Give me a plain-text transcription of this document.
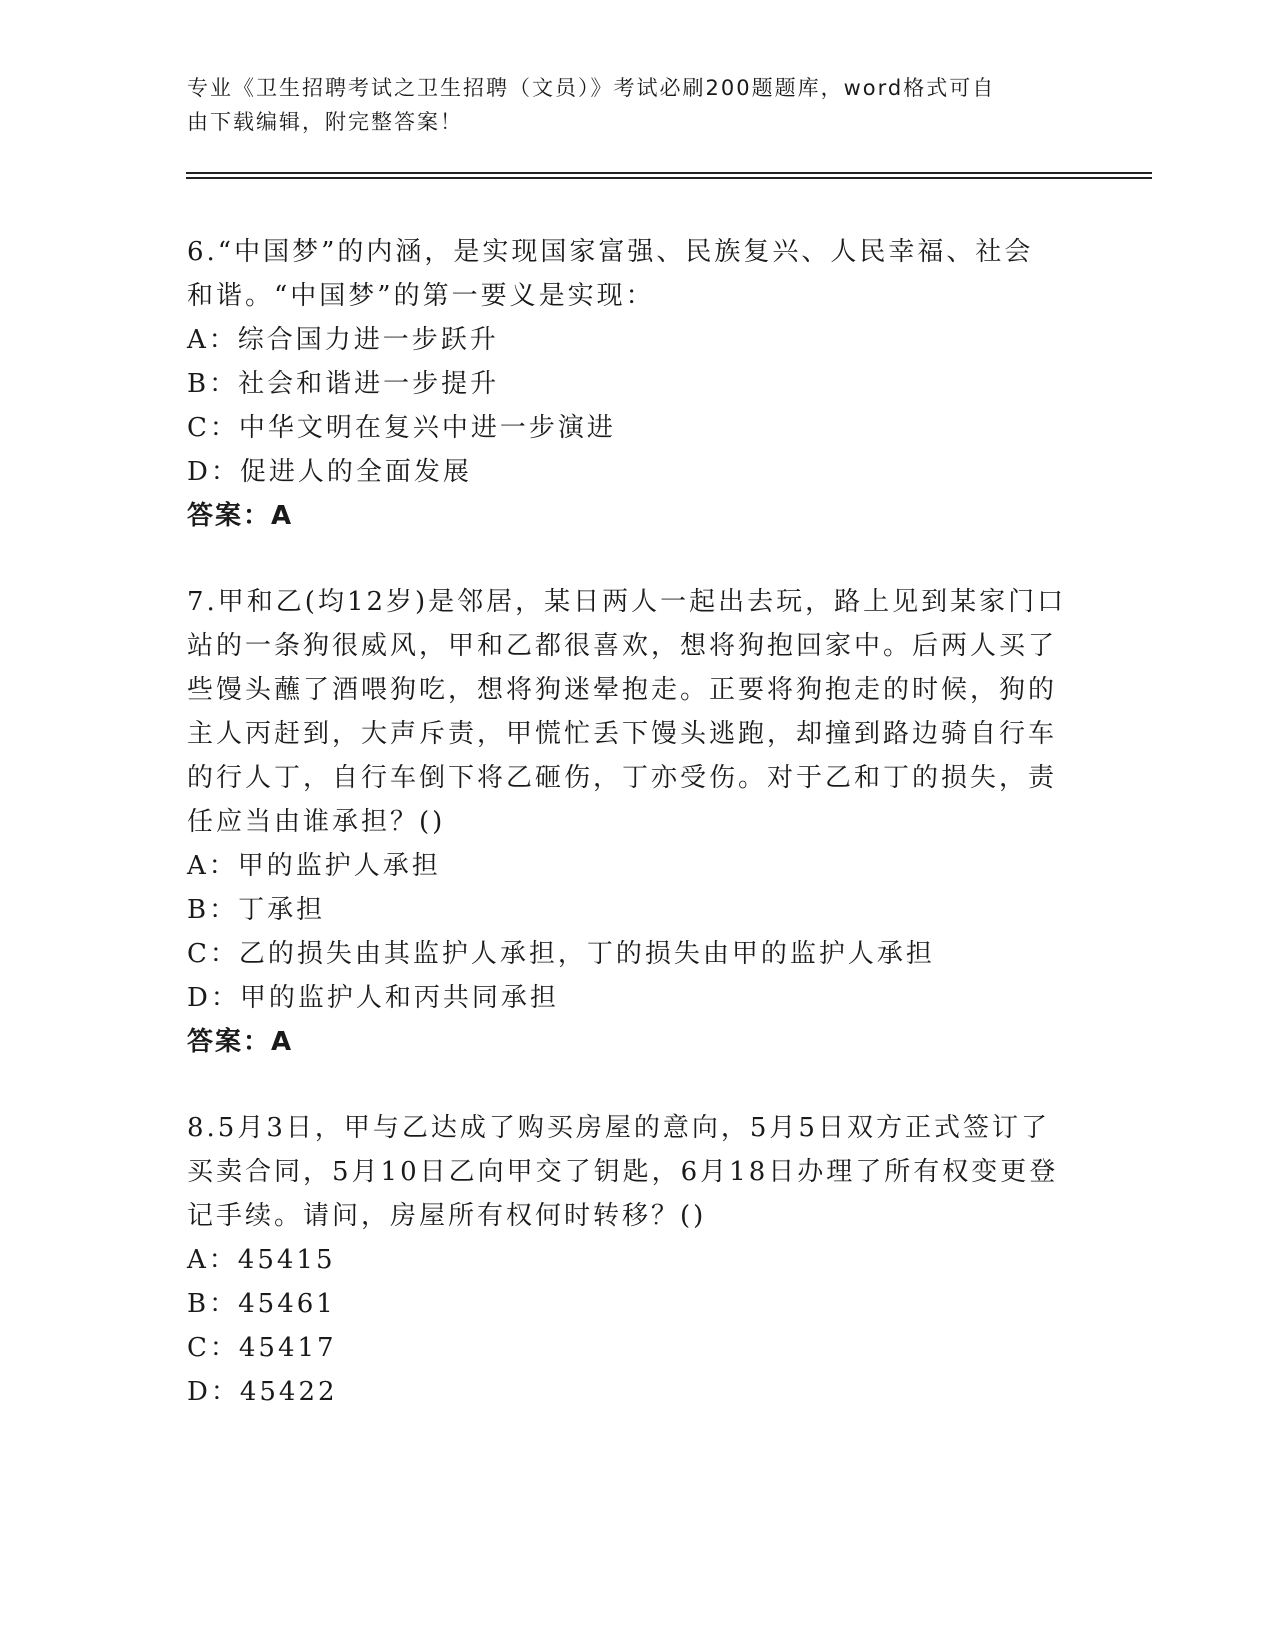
专业《卫生招聘考试之卫生招聘（文员）》考试必刷200题题库，word格式可自
由下载编辑，附完整答案！
6.“中国梦”的内涵，是实现国家富强、民族复兴、人民幸福、社会
和谐。“中国梦”的第一要义是实现：
A：综合国力进一步跃升
B：社会和谐进一步提升
C：中华文明在复兴中进一步演进
D：促进人的全面发展
答案：A
7.甲和乙(均12岁)是邻居，某日两人一起出去玩，路上见到某家门口
站的一条狗很威风，甲和乙都很喜欢，想将狗抱回家中。后两人买了
些馒头蘸了酒喂狗吃，想将狗迷晕抱走。正要将狗抱走的时候，狗的
主人丙赶到，大声斥责，甲慌忙丢下馒头逃跑，却撞到路边骑自行车
的行人丁，自行车倒下将乙砸伤，丁亦受伤。对于乙和丁的损失，责
任应当由谁承担？()
A：甲的监护人承担
B：丁承担
C：乙的损失由其监护人承担，丁的损失由甲的监护人承担
D：甲的监护人和丙共同承担
答案：A
8.5月3日，甲与乙达成了购买房屋的意向，5月5日双方正式签订了
买卖合同，5月10日乙向甲交了钥匙，6月18日办理了所有权变更登
记手续。请问，房屋所有权何时转移？()
A：45415
B：45461
C：45417
D：45422
